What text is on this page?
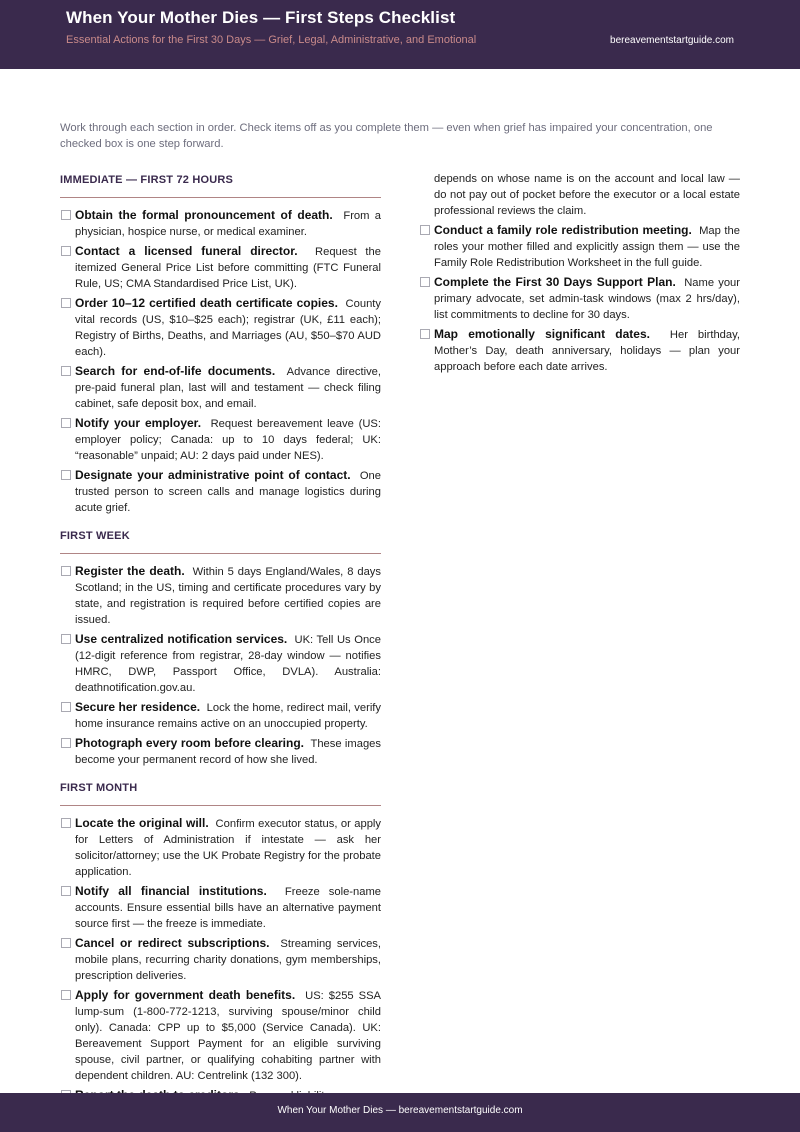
When Your Mother Dies — First Steps Checklist
Essential Actions for the First 30 Days — Grief, Legal, Administrative, and Emotional	bereavementstartguide.com
Work through each section in order. Check items off as you complete them — even when grief has impaired your concentration, one checked box is one step forward.
IMMEDIATE — FIRST 72 HOURS
Obtain the formal pronouncement of death. From a physician, hospice nurse, or medical examiner.
Contact a licensed funeral director. Request the itemized General Price List before committing (FTC Funeral Rule, US; CMA Standardised Price List, UK).
Order 10–12 certified death certificate copies. County vital records (US, $10–$25 each); registrar (UK, £11 each); Registry of Births, Deaths, and Marriages (AU, $50–$70 AUD each).
Search for end-of-life documents. Advance directive, pre-paid funeral plan, last will and testament — check filing cabinet, safe deposit box, and email.
Notify your employer. Request bereavement leave (US: employer policy; Canada: up to 10 days federal; UK: “reasonable” unpaid; AU: 2 days paid under NES).
Designate your administrative point of contact. One trusted person to screen calls and manage logistics during acute grief.
FIRST WEEK
Register the death. Within 5 days England/Wales, 8 days Scotland; in the US, timing and certificate procedures vary by state, and registration is required before certified copies are issued.
Use centralized notification services. UK: Tell Us Once (12-digit reference from registrar, 28-day window — notifies HMRC, DWP, Passport Office, DVLA). Australia: deathnotification.gov.au.
Secure her residence. Lock the home, redirect mail, verify home insurance remains active on an unoccupied property.
Photograph every room before clearing. These images become your permanent record of how she lived.
FIRST MONTH
Locate the original will. Confirm executor status, or apply for Letters of Administration if intestate — ask her solicitor/attorney; use the UK Probate Registry for the probate application.
Notify all financial institutions. Freeze sole-name accounts. Ensure essential bills have an alternative payment source first — the freeze is immediate.
Cancel or redirect subscriptions. Streaming services, mobile plans, recurring charity donations, gym memberships, prescription deliveries.
Apply for government death benefits. US: $255 SSA lump-sum (1-800-772-1213, surviving spouse/minor child only). Canada: CPP up to $5,000 (Service Canada). UK: Bereavement Support Payment for an eligible surviving spouse, civil partner, or qualifying cohabiting partner with dependent children. AU: Centrelink (132 300).

depends on whose name is on the account and local law — do not pay out of pocket before the executor or a local estate professional reviews the claim.
Conduct a family role redistribution meeting. Map the roles your mother filled and explicitly assign them — use the Family Role Redistribution Worksheet in the full guide.
Complete the First 30 Days Support Plan. Name your primary advocate, set admin-task windows (max 2 hrs/day), list commitments to decline for 30 days.
Map emotionally significant dates. Her birthday, Mother’s Day, death anniversary, holidays — plan your approach before each date arrives.
When Your Mother Dies — bereavementstartguide.com
